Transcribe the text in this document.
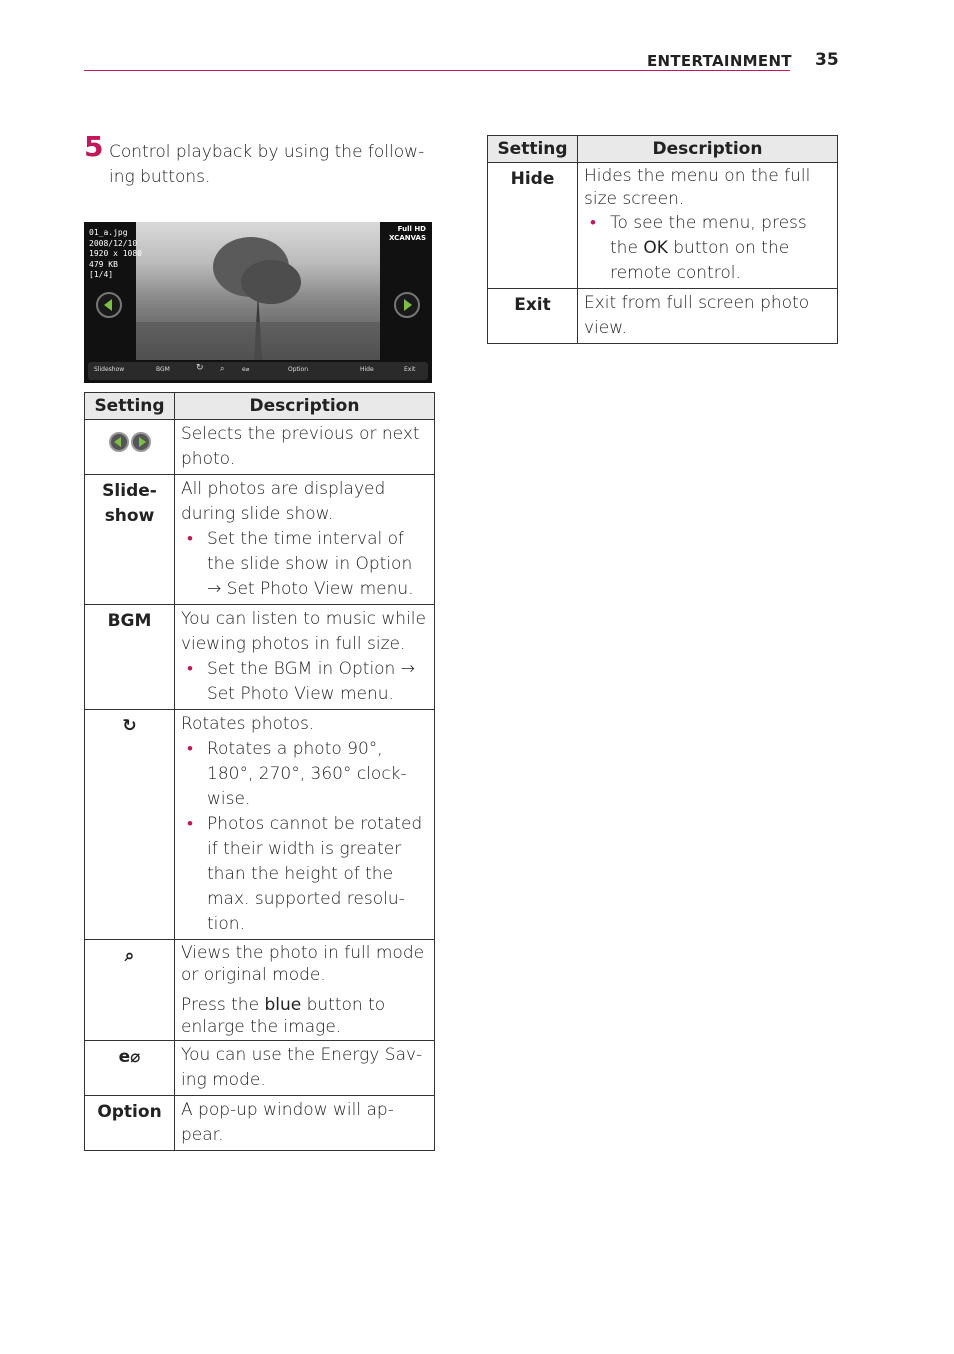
ENTERTAINMENT 35
5 Control playback by using the follow-ing buttons.
01_a.jpg
2008/12/10
1920 x 1080
479 KB
[1/4]
Full HD
XCANVAS
Slideshow	BGM	↻ ⌕	e⌀	Option	Hide	Exit
Setting	Description

	Selects the previous or next photo.

Slide-show	All photos are displayed during slide show.

• Set the time interval of the slide show in Option → Set Photo View menu.

BGM	You can listen to music while viewing photos in full size.

• Set the BGM in Option → Set Photo View menu.

↻	Rotates photos.

• Rotates a photo 90°, 180°, 270°, 360° clock-wise.

• Photos cannot be rotated if their width is greater than the height of the max. supported resolu-tion.

⌕	Views the photo in full mode or original mode.

Press the blue button to enlarge the image.

e⌀	You can use the Energy Sav-ing mode.

Option	A pop-up window will ap-pear.

Setting	Description
Hide	Hides the menu on the full size screen.

• To see the menu, press the OK button on the remote control.

Exit	Exit from full screen photo view.
